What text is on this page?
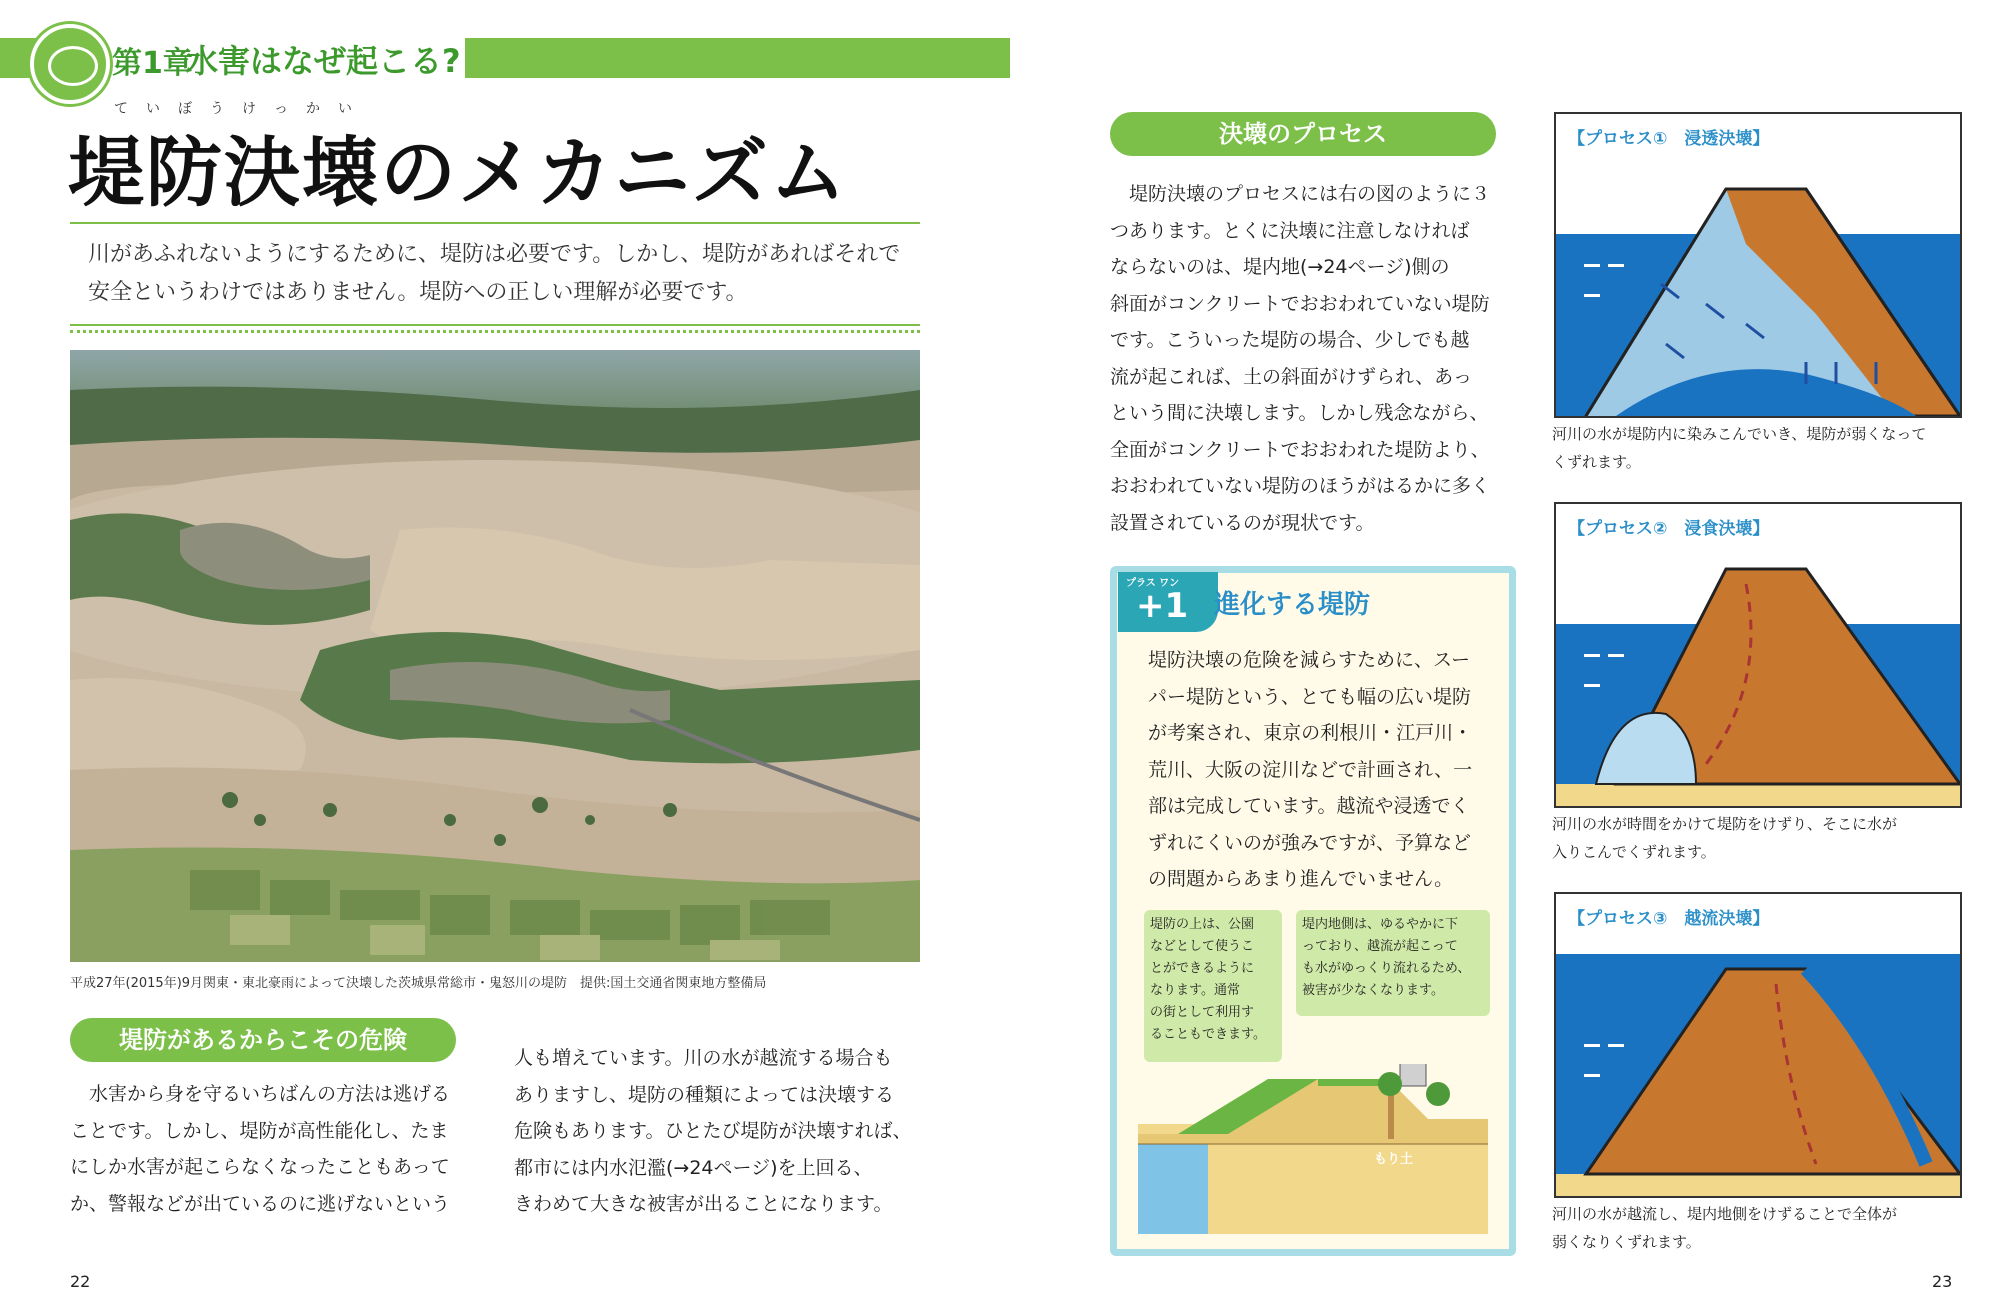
第1章
水害はなぜ起こる?
ていぼうけっかい
堤防決壊のメカニズム
川があふれないようにするために、堤防は必要です。しかし、堤防があればそれで
安全というわけではありません。堤防への正しい理解が必要です。
平成27年(2015年)9月関東・東北豪雨によって決壊した茨城県常総市・鬼怒川の堤防　提供:国土交通省関東地方整備局
堤防があるからこその危険
　水害から身を守るいちばんの方法は逃げる
ことです。しかし、堤防が高性能化し、たま
にしか水害が起こらなくなったこともあって
か、警報などが出ているのに逃げないという
人も増えています。川の水が越流する場合も
ありますし、堤防の種類によっては決壊する
危険もあります。ひとたび堤防が決壊すれば、
都市には内水氾濫(→24ページ)を上回る、
きわめて大きな被害が出ることになります。
22
決壊のプロセス
　堤防決壊のプロセスには右の図のように３
つあります。とくに決壊に注意しなければ
ならないのは、堤内地(→24ページ)側の
斜面がコンクリートでおおわれていない堤防
です。こういった堤防の場合、少しでも越
流が起これば、土の斜面がけずられ、あっ
という間に決壊します。しかし残念ながら、
全面がコンクリートでおおわれた堤防より、
おおわれていない堤防のほうがはるかに多く
設置されているのが現状です。
プラス ワン
+1 進化する堤防
堤防決壊の危険を減らすために、スー
パー堤防という、とても幅の広い堤防
が考案され、東京の利根川・江戸川・
荒川、大阪の淀川などで計画され、一
部は完成しています。越流や浸透でく
ずれにくいのが強みですが、予算など
の問題からあまり進んでいません。
堤防の上は、公園
などとして使うこ
とができるように
なります。通常
の街として利用す
ることもできます。
堤内地側は、ゆるやかに下
っており、越流が起こって
も水がゆっくり流れるため、
被害が少なくなります。
もり土
【プロセス①　浸透決壊】
河川の水が堤防内に染みこんでいき、堤防が弱くなって
くずれます。
【プロセス②　浸食決壊】
河川の水が時間をかけて堤防をけずり、そこに水が
入りこんでくずれます。
【プロセス③　越流決壊】
河川の水が越流し、堤内地側をけずることで全体が
弱くなりくずれます。
23
